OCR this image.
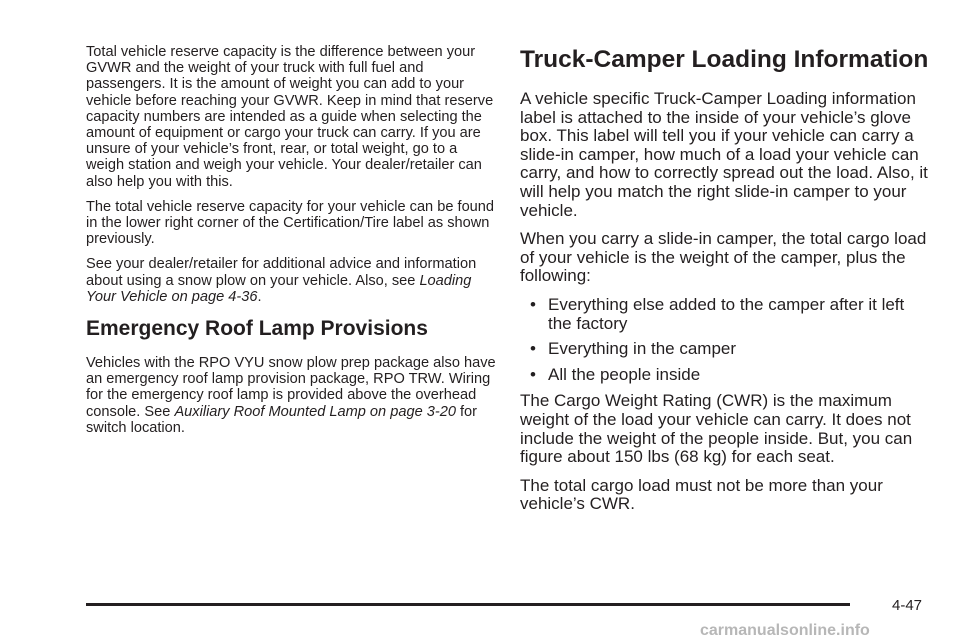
Total vehicle reserve capacity is the difference between your GVWR and the weight of your truck with full fuel and passengers. It is the amount of weight you can add to your vehicle before reaching your GVWR. Keep in mind that reserve capacity numbers are intended as a guide when selecting the amount of equipment or cargo your truck can carry. If you are unsure of your vehicle’s front, rear, or total weight, go to a weigh station and weigh your vehicle. Your dealer/retailer can also help you with this.

The total vehicle reserve capacity for your vehicle can be found in the lower right corner of the Certification/Tire label as shown previously.

See your dealer/retailer for additional advice and information about using a snow plow on your vehicle. Also, see Loading Your Vehicle on page 4-36.

Emergency Roof Lamp Provisions

Vehicles with the RPO VYU snow plow prep package also have an emergency roof lamp provision package, RPO TRW. Wiring for the emergency roof lamp is provided above the overhead console. See Auxiliary Roof Mounted Lamp on page 3-20 for switch location.

Truck-Camper Loading Information

A vehicle specific Truck-Camper Loading information label is attached to the inside of your vehicle’s glove box. This label will tell you if your vehicle can carry a slide-in camper, how much of a load your vehicle can carry, and how to correctly spread out the load. Also, it will help you match the right slide-in camper to your vehicle.

When you carry a slide-in camper, the total cargo load of your vehicle is the weight of the camper, plus the following:

• Everything else added to the camper after it left the factory
• Everything in the camper
• All the people inside

The Cargo Weight Rating (CWR) is the maximum weight of the load your vehicle can carry. It does not include the weight of the people inside. But, you can figure about 150 lbs (68 kg) for each seat.

The total cargo load must not be more than your vehicle’s CWR.

4-47
carmanualsonline.info
